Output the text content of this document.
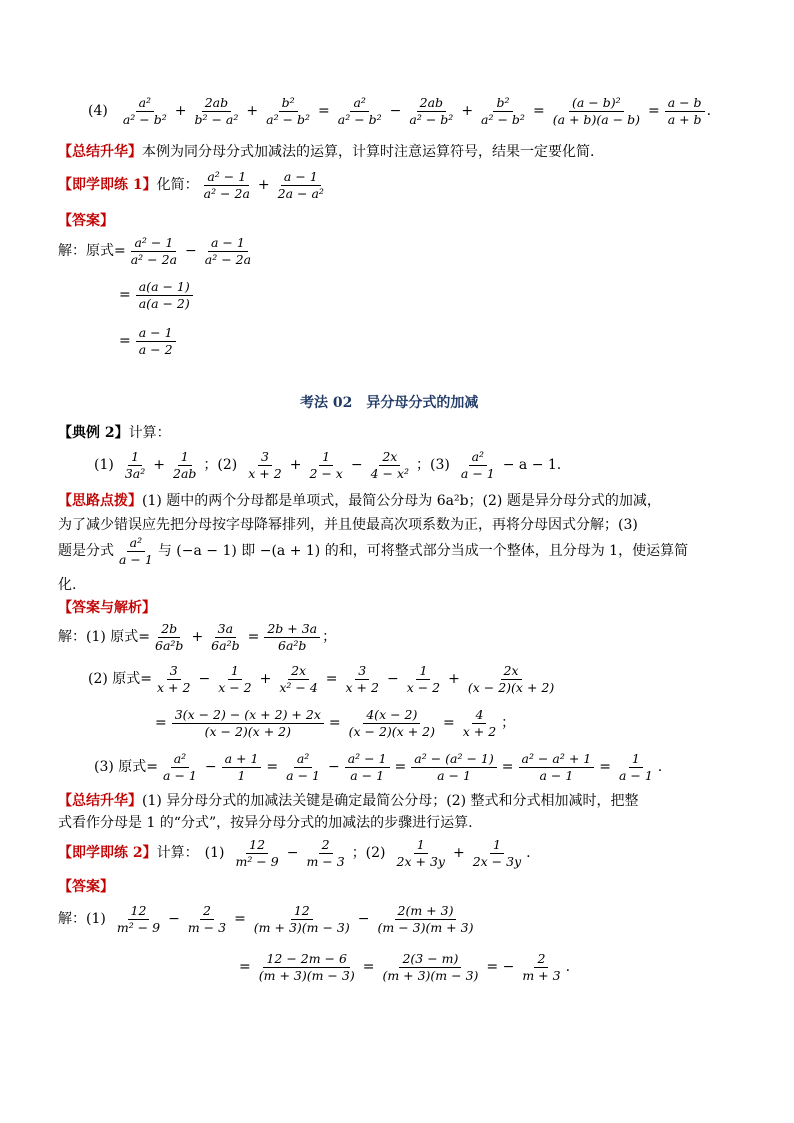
$(4) \frac{\text{a²}}{\text{a² − b²}} + \frac{2ab}{\text{b² − a²}} + \frac{\text{b²}}{\text{a² − b²}} = \frac{\text{a²}}{\text{a² − b²}} - \frac{2ab}{\text{a² − b²}} + \frac{\text{b²}}{\text{a² − b²}} = \frac{\text{(a − b)²}}{(a + b)(a - b)} = \frac{a - b}{a + b}$ .
【总结升华】 本例为同分母分式加减法的运算，计算时注意运算符号，结果一定要化简.
【即学即练 1】 化简： $\frac{\text{a² − 1}}{\text{a² − 2a}} + \frac{a - 1}{\text{2a − a²}}$
【答案】
解：原式= $\frac{\text{a² − 1}}{\text{a² − 2a}} - \frac{a - 1}{\text{a² − 2a}}$
= $\frac{a(a - 1)}{a(a - 2)}$
= $\frac{a - 1}{a - 2}$
考法 02　异分母分式的加减
【典例 2】 计算：
$(1) \frac{1}{\text{3a²}} + \frac{1}{2ab}$ ；$(2) \frac{3}{x + 2} + \frac{1}{2 - x} - \frac{2x}{\text{4 − x²}}$ ；$(3) \frac{\text{a²}}{a - 1} - a - 1$.
【思路点拨】 (1) 题中的两个分母都是单项式，最简公分母为 6a²b；(2) 题是异分母分式的加减，
为了减少错误应先把分母按字母降幂排列，并且使最高次项系数为正，再将分母因式分解；(3)
题是分式 $\frac{\text{a²}}{a - 1}$ 与 (−a − 1) 即 −(a + 1) 的和，可将整式部分当成一个整体，且分母为 1，使运算简
化.
【答案与解析】
解：(1) 原式= $\frac{2b}{\text{6a²b}} + \frac{3a}{\text{6a²b}} = \frac{2b + 3a}{\text{6a²b}}$ ；
(2) 原式= $\frac{3}{x + 2} - \frac{1}{x - 2} + \frac{2x}{\text{x² − 4}} = \frac{3}{x + 2} - \frac{1}{x - 2} + \frac{2x}{(x - 2)(x + 2)}$
= $\frac{3(x - 2) - (x + 2) + 2x}{(x - 2)(x + 2)} = \frac{4(x - 2)}{(x - 2)(x + 2)} = \frac{4}{x + 2}$ ；
(3) 原式= $\frac{\text{a²}}{a - 1} - \frac{a + 1}{1} = \frac{\text{a²}}{a - 1} - \frac{\text{a² − 1}}{a - 1} = \frac{\text{a² − (a² − 1)}}{a - 1} = \frac{\text{a² − a² + 1}}{a - 1} = \frac{1}{a - 1}$ .
【总结升华】 (1) 异分母分式的加减法关键是确定最简公分母；(2) 整式和分式相加减时，把整
式看作分母是 1 的“分式”，按异分母分式的加减法的步骤进行运算.
【即学即练 2】 计算： $(1) \frac{12}{\text{m² − 9}} - \frac{2}{m - 3}$ ；$(2) \frac{1}{2x + 3y} + \frac{1}{2x - 3y}$ .
【答案】
解：$(1) \frac{12}{\text{m² − 9}} - \frac{2}{m - 3} = \frac{12}{(m + 3)(m - 3)} - \frac{2(m + 3)}{(m - 3)(m + 3)}$
= $\frac{12 - 2m - 6}{(m + 3)(m - 3)} = \frac{2(3 - m)}{(m + 3)(m - 3)}$ = − $\frac{2}{m + 3}$ .
